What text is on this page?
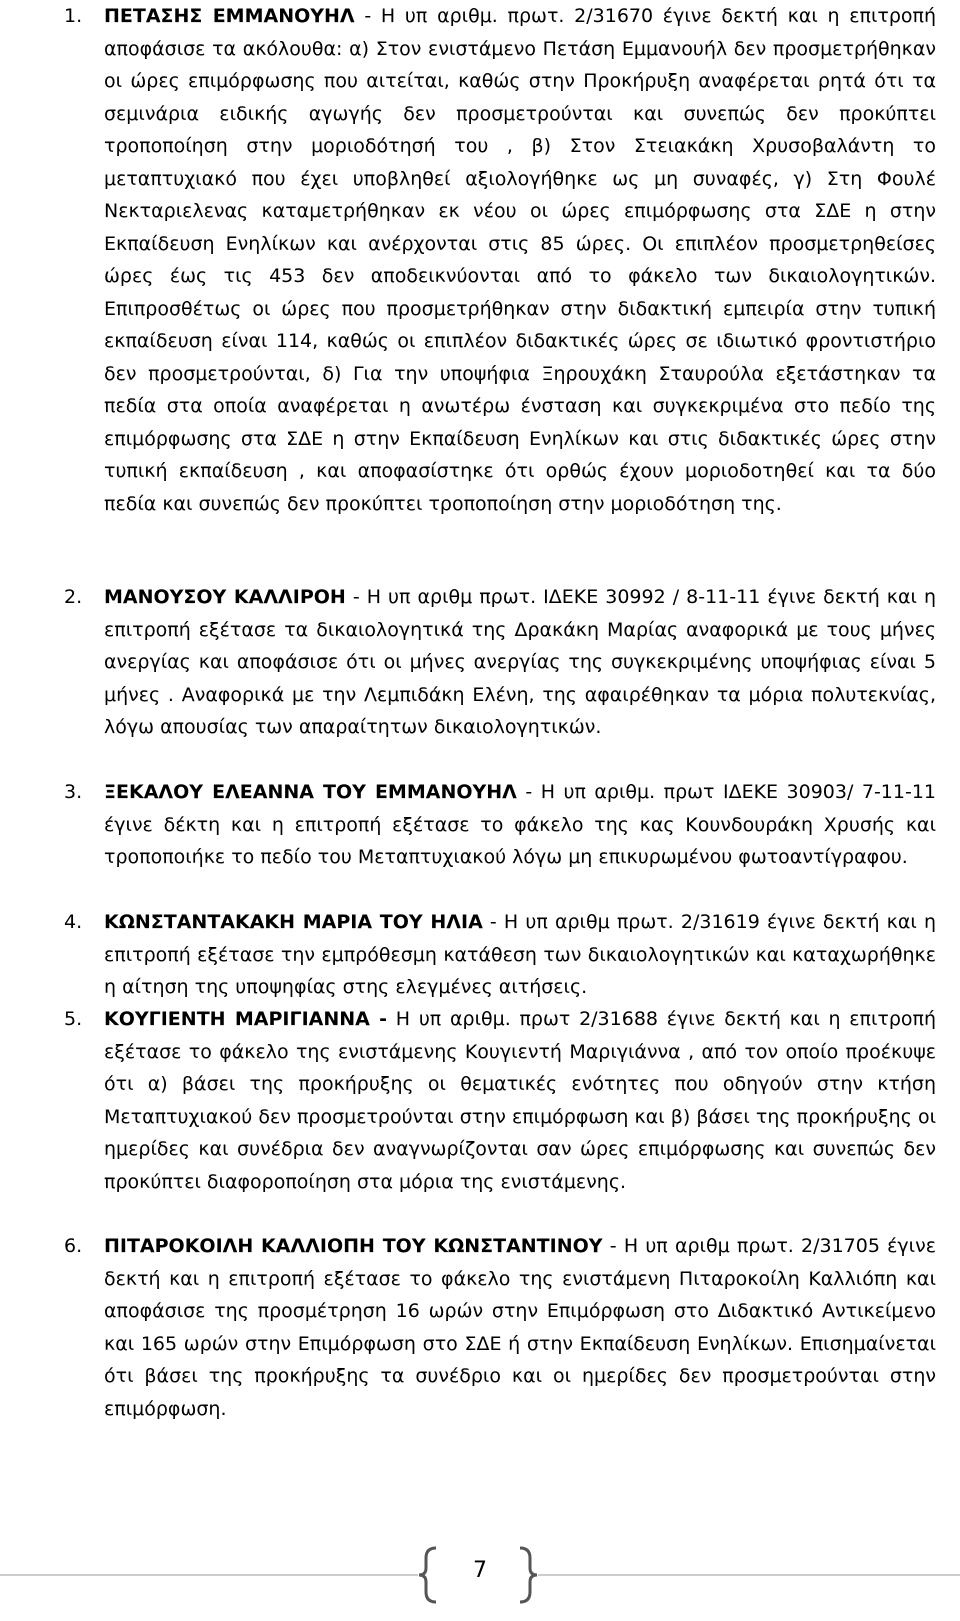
1.	ΠΕΤΑΣΗΣ ΕΜΜΑΝΟΥΗΛ - Η υπ αριθμ. πρωτ. 2/31670 έγινε δεκτή και η επιτροπή αποφάσισε τα ακόλουθα: α) Στον ενιστάμενο Πετάση Εμμανουήλ δεν προσμετρήθηκαν οι ώρες επιμόρφωσης που αιτείται, καθώς στην Προκήρυξη αναφέρεται ρητά ότι τα σεμινάρια ειδικής αγωγής δεν προσμετρούνται και συνεπώς δεν προκύπτει τροποποίηση στην μοριοδότησή του , β) Στον Στειακάκη Χρυσοβαλάντη το μεταπτυχιακό που έχει υποβληθεί αξιολογήθηκε ως μη συναφές, γ) Στη Φουλέ Νεκταριελενας καταμετρήθηκαν εκ νέου οι ώρες επιμόρφωσης στα ΣΔΕ η στην Εκπαίδευση Ενηλίκων και ανέρχονται στις 85 ώρες. Οι επιπλέον προσμετρηθείσες ώρες έως τις 453 δεν αποδεικνύονται από το φάκελο των δικαιολογητικών. Επιπροσθέτως οι ώρες που προσμετρήθηκαν στην διδακτική εμπειρία στην τυπική εκπαίδευση είναι 114, καθώς οι επιπλέον διδακτικές ώρες σε ιδιωτικό φροντιστήριο δεν προσμετρούνται, δ) Για την υποψήφια Ξηρουχάκη Σταυρούλα εξετάστηκαν τα πεδία στα οποία αναφέρεται η ανωτέρω ένσταση και συγκεκριμένα στο πεδίο της επιμόρφωσης στα ΣΔΕ η στην Εκπαίδευση Ενηλίκων και στις διδακτικές ώρες στην τυπική εκπαίδευση , και αποφασίστηκε ότι ορθώς έχουν μοριοδοτηθεί και τα δύο πεδία και συνεπώς δεν προκύπτει τροποποίηση στην μοριοδότηση της.

2.	ΜΑΝΟΥΣΟΥ ΚΑΛΛΙΡΟΗ - Η υπ αριθμ πρωτ. ΙΔΕΚΕ 30992 / 8-11-11 έγινε δεκτή και η επιτροπή εξέτασε τα δικαιολογητικά της Δρακάκη Μαρίας αναφορικά με τους μήνες ανεργίας και αποφάσισε ότι οι μήνες ανεργίας της συγκεκριμένης υποψήφιας είναι 5 μήνες . Αναφορικά με την Λεμπιδάκη Ελένη, της αφαιρέθηκαν τα μόρια πολυτεκνίας, λόγω απουσίας των απαραίτητων δικαιολογητικών.

3.	ΞΕΚΑΛΟΥ ΕΛΕΑΝΝΑ ΤΟΥ ΕΜΜΑΝΟΥΗΛ - Η υπ αριθμ. πρωτ ΙΔΕΚΕ 30903/ 7-11-11 έγινε δέκτη και η επιτροπή εξέτασε το φάκελο της κας Κουνδουράκη Χρυσής και τροποποιήκε το πεδίο του Μεταπτυχιακού λόγω μη επικυρωμένου φωτοαντίγραφου.

4.	ΚΩΝΣΤΑΝΤΑΚΑΚΗ ΜΑΡΙΑ ΤΟΥ ΗΛΙΑ - Η υπ αριθμ πρωτ. 2/31619 έγινε δεκτή και η επιτροπή εξέτασε την εμπρόθεσμη κατάθεση των δικαιολογητικών και καταχωρήθηκε η αίτηση της υποψηφίας στης ελεγμένες αιτήσεις.

5.	ΚΟΥΓΙΕΝΤΗ ΜΑΡΙΓΙΑΝΝΑ - Η υπ αριθμ. πρωτ 2/31688 έγινε δεκτή και η επιτροπή εξέτασε το φάκελο της ενιστάμενης Κουγιεντή Μαριγιάννα , από τον οποίο προέκυψε ότι α) βάσει της προκήρυξης οι θεματικές ενότητες που οδηγούν στην κτήση Μεταπτυχιακού δεν προσμετρούνται στην επιμόρφωση και β) βάσει της προκήρυξης οι ημερίδες και συνέδρια δεν αναγνωρίζονται σαν ώρες επιμόρφωσης και συνεπώς δεν προκύπτει διαφοροποίηση στα μόρια της ενιστάμενης.

6.	ΠΙΤΑΡΟΚΟΙΛΗ ΚΑΛΛΙΟΠΗ ΤΟΥ ΚΩΝΣΤΑΝΤΙΝΟΥ - Η υπ αριθμ πρωτ. 2/31705 έγινε δεκτή και η επιτροπή εξέτασε το φάκελο της ενιστάμενη Πιταροκοίλη Καλλιόπη και αποφάσισε της προσμέτρηση 16 ωρών στην Επιμόρφωση στο Διδακτικό Αντικείμενο και 165 ωρών στην Επιμόρφωση στο ΣΔΕ ή στην Εκπαίδευση Ενηλίκων. Επισημαίνεται ότι βάσει της προκήρυξης τα συνέδριο και οι ημερίδες δεν προσμετρούνται στην επιμόρφωση.

7
